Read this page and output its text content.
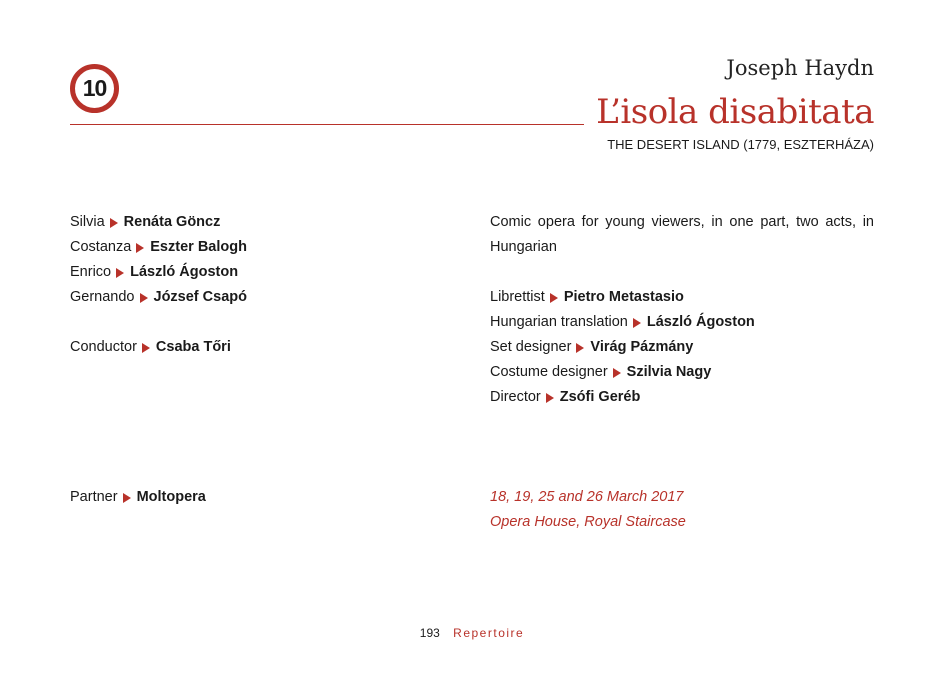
10
Joseph Haydn
L’isola disabitata
THE DESERT ISLAND (1779, ESZTERHÁZA)
Silvia Renáta Göncz
Costanza Eszter Balogh
Enrico László Ágoston
Gernando József Csapó
Conductor Csaba Tőri
Comic opera for young viewers, in one part, two acts, in Hungarian
Librettist Pietro Metastasio
Hungarian translation László Ágoston
Set designer Virág Pázmány
Costume designer Szilvia Nagy
Director Zsófi Geréb
Partner Moltopera	18, 19, 25 and 26 March 2017
Opera House, Royal Staircase
193 Repertoire
